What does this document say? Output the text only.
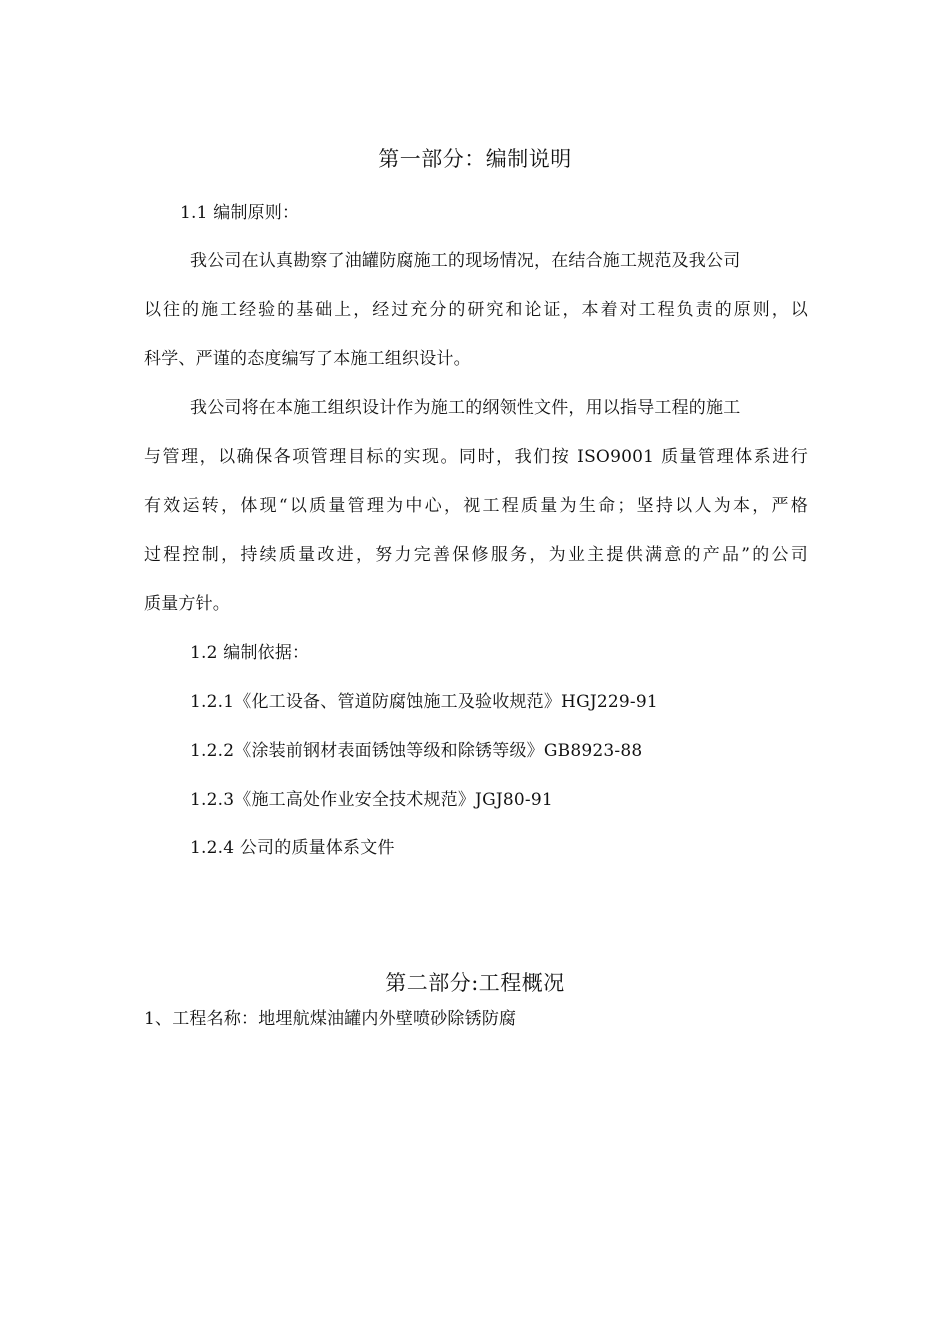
第一部分：编制说明
1.1 编制原则：
我公司在认真勘察了油罐防腐施工的现场情况，在结合施工规范及我公司
以往的施工经验的基础上，经过充分的研究和论证，本着对工程负责的原则，以
科学、严谨的态度编写了本施工组织设计。
我公司将在本施工组织设计作为施工的纲领性文件，用以指导工程的施工
与管理，以确保各项管理目标的实现。同时，我们按 ISO9001 质量管理体系进行
有效运转，体现“以质量管理为中心，视工程质量为生命；坚持以人为本，严格
过程控制，持续质量改进，努力完善保修服务，为业主提供满意的产品”的公司
质量方针。
1.2 编制依据：
1.2.1《化工设备、管道防腐蚀施工及验收规范》HGJ229-91
1.2.2《涂装前钢材表面锈蚀等级和除锈等级》GB8923-88
1.2.3《施工高处作业安全技术规范》JGJ80-91
1.2.4 公司的质量体系文件
第二部分:工程概况
1、工程名称：地埋航煤油罐内外壁喷砂除锈防腐
